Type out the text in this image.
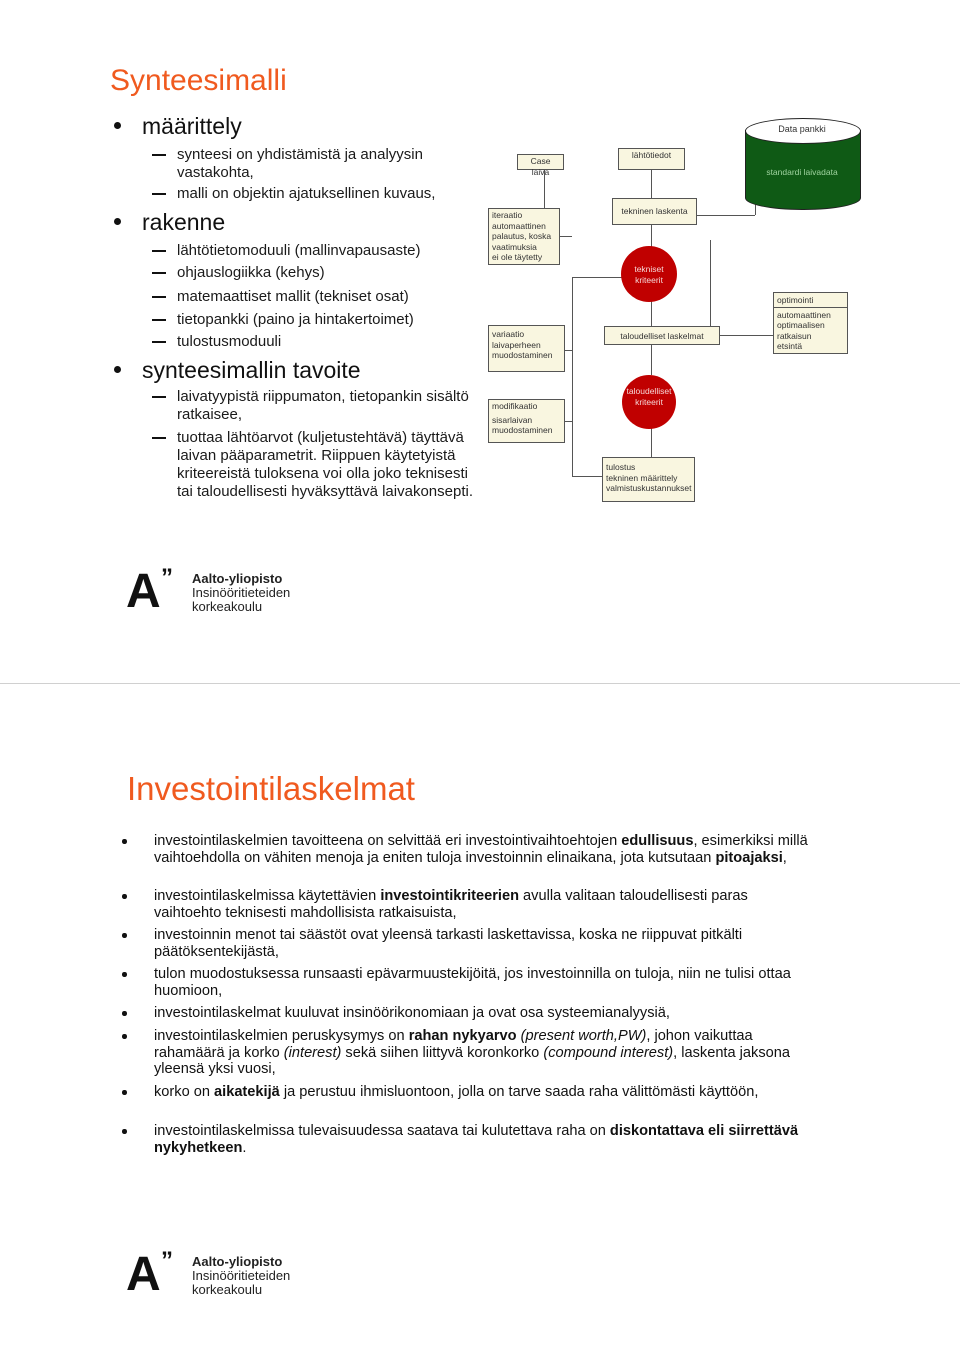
Synteesimalli
määrittely
synteesi on yhdistämistä ja analyysin vastakohta,
malli on objektin ajatuksellinen kuvaus,
rakenne
lähtötietomoduuli (mallinvapausaste)
ohjauslogiikka (kehys)
matemaattiset mallit (tekniset osat)
tietopankki (paino ja hintakertoimet)
tulostusmoduuli
synteesimallin tavoite
laivatyypistä riippumaton, tietopankin sisältö ratkaisee,
tuottaa lähtöarvot (kuljetustehtävä) täyttävä laivan pääparametrit. Riippuen käytetyistä kriteereistä tuloksena voi olla joko teknisesti tai taloudellisesti hyväksyttävä laivakonsepti.
Case laiva
lähtötiedot
Data pankki
standardi laivadata
iteraatio
automaattinen
palautus, koska
vaatimuksia
ei ole täytetty
tekninen laskenta
tekniset
kriteerit
optimointi
automaattinen
optimaalisen
ratkaisun
etsintä
variaatio
laivaperheen
muodostaminen
taloudelliset laskelmat
taloudelliset
kriteerit
modifikaatio
sisarlaivan
muodostaminen
tulostus
tekninen määrittely
valmistuskustannukset
A ” Aalto-yliopisto
Insinööritieteiden
korkeakoulu
Investointilaskelmat
investointilaskelmien tavoitteena on selvittää eri investointivaihtoehtojen edullisuus, esimerkiksi millä vaihtoehdolla on vähiten menoja ja eniten tuloja investoinnin elinaikana, jota kutsutaan pitoajaksi,
investointilaskelmissa käytettävien investointikriteerien avulla valitaan taloudellisesti paras vaihtoehto teknisesti mahdollisista ratkaisuista,
investoinnin menot tai säästöt ovat yleensä tarkasti laskettavissa, koska ne riippuvat pitkälti päätöksentekijästä,
tulon muodostuksessa runsaasti epävarmuustekijöitä, jos investoinnilla on tuloja, niin ne tulisi ottaa huomioon,
investointilaskelmat kuuluvat insinöörikonomiaan ja ovat osa systeemianalyysiä,
investointilaskelmien peruskysymys on rahan nykyarvo (present worth,PW), johon vaikuttaa rahamäärä ja korko (interest) sekä siihen liittyvä koronkorko (compound interest), laskenta jaksona yleensä yksi vuosi,
korko on aikatekijä ja perustuu ihmisluontoon, jolla on tarve saada raha välittömästi käyttöön,
investointilaskelmissa tulevaisuudessa saatava tai kulutettava raha on diskontattava eli siirrettävä nykyhetkeen.
A ” Aalto-yliopisto
Insinööritieteiden
korkeakoulu
